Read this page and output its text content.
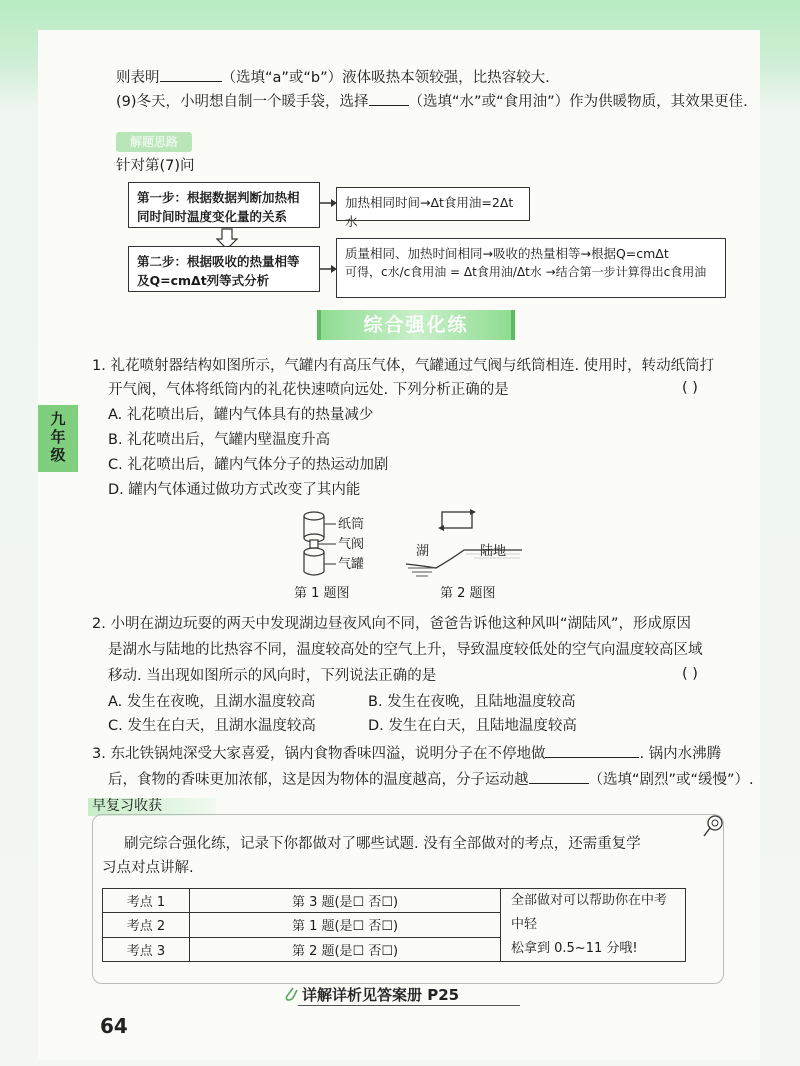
则表明	（选填“a”或“b”）液体吸热本领较强，比热容较大.
(9)冬天，小明想自制一个暖手袋，选择	（选填“水”或“食用油”）作为供暖物质，其效果更佳.
解题思路
针对第(7)问
第一步：根据数据判断加热相同时间时温度变化量的关系
加热相同时间→Δt食用油=2Δt水
第二步：根据吸收的热量相等及Q=cmΔt列等式分析
质量相同、加热时间相同→吸收的热量相等→根据Q=cmΔt
可得，c水/c食用油 = Δt食用油/Δt水 →结合第一步计算得出c食用油
综合强化练
九年级
1. 礼花喷射器结构如图所示，气罐内有高压气体，气罐通过气阀与纸筒相连. 使用时，转动纸筒打
开气阀，气体将纸筒内的礼花快速喷向远处. 下列分析正确的是	( )
A. 礼花喷出后，罐内气体具有的热量减少
B. 礼花喷出后，气罐内壁温度升高
C. 礼花喷出后，罐内气体分子的热运动加剧
D. 罐内气体通过做功方式改变了其内能
纸筒
气阀
气罐
第 1 题图
湖	陆地
第 2 题图
2. 小明在湖边玩耍的两天中发现湖边昼夜风向不同，爸爸告诉他这种风叫“湖陆风”，形成原因
是湖水与陆地的比热容不同，温度较高处的空气上升，导致温度较低处的空气向温度较高区域
移动. 当出现如图所示的风向时，下列说法正确的是	( )
A. 发生在夜晚，且湖水温度较高	B. 发生在夜晚，且陆地温度较高
C. 发生在白天，且湖水温度较高	D. 发生在白天，且陆地温度较高
3. 东北铁锅炖深受大家喜爱，锅内食物香味四溢，说明分子在不停地做	. 锅内水沸腾
后，食物的香味更加浓郁，这是因为物体的温度越高，分子运动越	（选填“剧烈”或“缓慢”）.
早复习收获
刷完综合强化练，记录下你都做对了哪些试题. 没有全部做对的考点，还需重复学
习点对点讲解.
考点 1	第 3 题(是☐ 否☐)	全部做对可以帮助你在中考中轻
松拿到 0.5~11 分哦!

考点 2	第 1 题(是☐ 否☐)	
考点 3	第 2 题(是☐ 否☐)	
详解详析见答案册 P25
64
